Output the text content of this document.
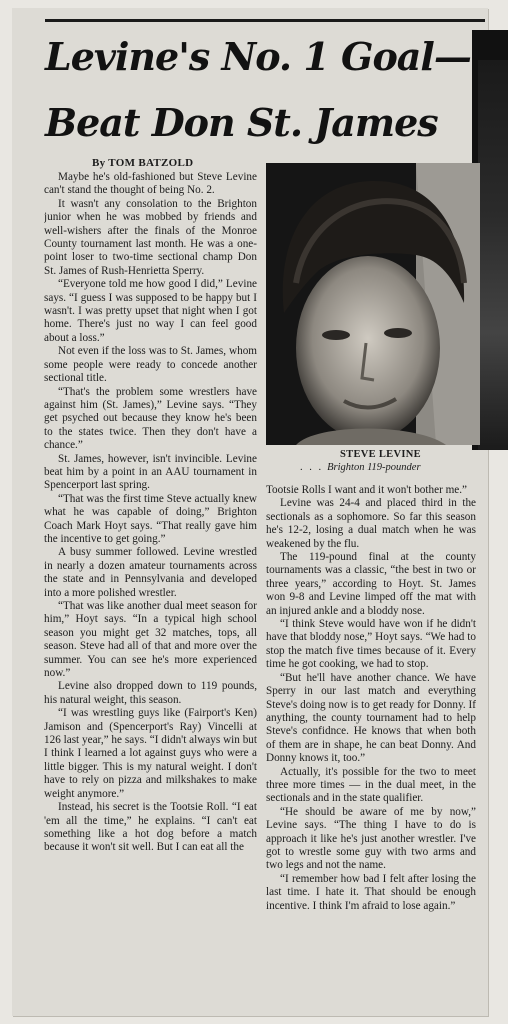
Levine's No. 1 Goal—
Beat Don St. James
By TOM BATZOLD

Maybe he's old-fashioned but Steve Levine can't stand the thought of being No. 2.

It wasn't any consolation to the Brighton junior when he was mobbed by friends and well-wishers after the finals of the Monroe County tournament last month. He was a one-point loser to two-time sectional champ Don St. James of Rush-Henrietta Sperry.

“Everyone told me how good I did,” Levine says. “I guess I was supposed to be happy but I wasn't. I was pretty upset that night when I got home. There's just no way I can feel good about a loss.”

Not even if the loss was to St. James, whom some people were ready to concede another sectional title.

“That's the problem some wrestlers have against him (St. James),” Levine says. “They get psyched out because they know he's been to the states twice. Then they don't have a chance.”

St. James, however, isn't invincible. Levine beat him by a point in an AAU tournament in Spencerport last spring.

“That was the first time Steve actually knew what he was capable of doing,” Brighton Coach Mark Hoyt says. “That really gave him the incentive to get going.”

A busy summer followed. Levine wrestled in nearly a dozen amateur tournaments across the state and in Pennsylvania and developed into a more polished wrestler.

“That was like another dual meet season for him,” Hoyt says. “In a typical high school season you might get 32 matches, tops, all season. Steve had all of that and more over the summer. You can see he's more experienced now.”

Levine also dropped down to 119 pounds, his natural weight, this season.

“I was wrestling guys like (Fairport's Ken) Jamison and (Spencerport's Ray) Vincelli at 126 last year,” he says. “I didn't always win but I think I learned a lot against guys who were a little bigger. This is my natural weight. I don't have to rely on pizza and milkshakes to make weight anymore.”

Instead, his secret is the Tootsie Roll. “I eat 'em all the time,” he explains. “I can't eat something like a hot dog before a match because it won't sit well. But I can eat all the

STEVE LEVINE
. . . Brighton 119-pounder

Tootsie Rolls I want and it won't bother me.”

Levine was 24-4 and placed third in the sectionals as a sophomore. So far this season he's 12-2, losing a dual match when he was weakened by the flu.

The 119-pound final at the county tournaments was a classic, “the best in two or three years,” according to Hoyt. St. James won 9-8 and Levine limped off the mat with an injured ankle and a bloddy nose.

“I think Steve would have won if he didn't have that bloddy nose,” Hoyt says. “We had to stop the match five times because of it. Every time he got cooking, we had to stop.

“But he'll have another chance. We have Sperry in our last match and everything Steve's doing now is to get ready for Donny. If anything, the county tournament had to help Steve's confidnce. He knows that when both of them are in shape, he can beat Donny. And Donny knows it, too.”

Actually, it's possible for the two to meet three more times — in the dual meet, in the sectionals and in the state qualifier.

“He should be aware of me by now,” Levine says. “The thing I have to do is approach it like he's just another wrestler. I've got to wrestle some guy with two arms and two legs and not the name.

“I remember how bad I felt after losing the last time. I hate it. That should be enough incentive. I think I'm afraid to lose again.”
